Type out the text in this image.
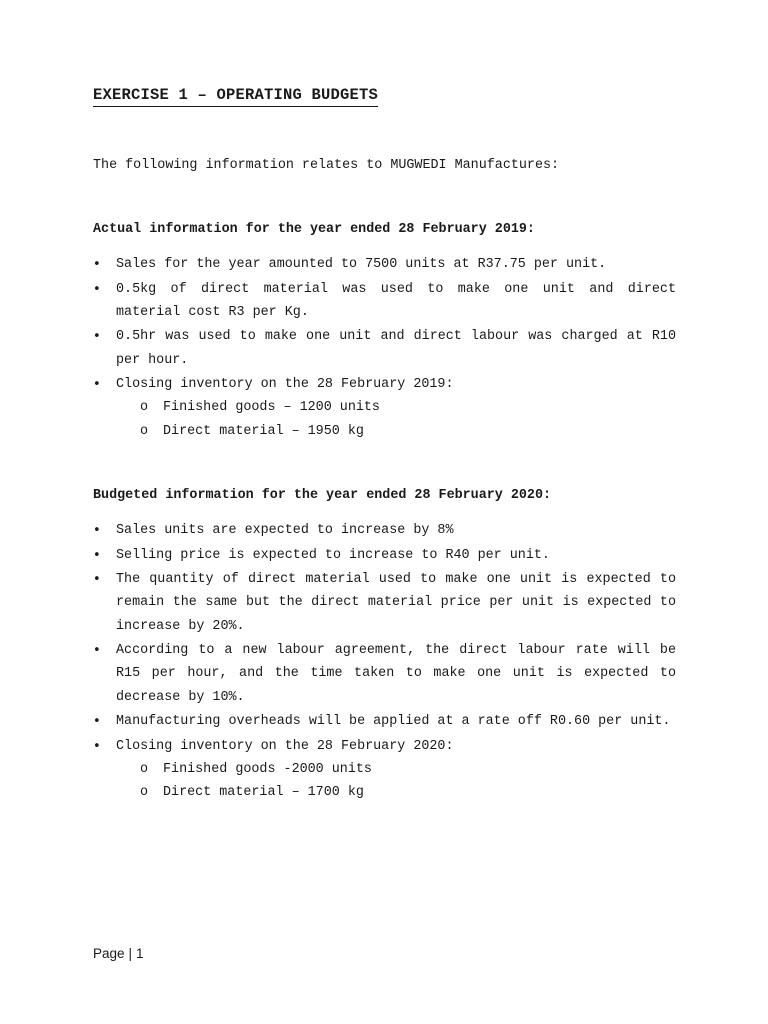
EXERCISE 1 – OPERATING BUDGETS
The following information relates to MUGWEDI Manufactures:
Actual information for the year ended 28 February 2019:
• Sales for the year amounted to 7500 units at R37.75 per unit.
• 0.5kg of direct material was used to make one unit and direct material cost R3 per Kg.
• 0.5hr was used to make one unit and direct labour was charged at R10 per hour.
• Closing inventory on the 28 February 2019:
o Finished goods – 1200 units
o Direct material – 1950 kg
Budgeted information for the year ended 28 February 2020:
• Sales units are expected to increase by 8%
• Selling price is expected to increase to R40 per unit.
• The quantity of direct material used to make one unit is expected to remain the same but the direct material price per unit is expected to increase by 20%.
• According to a new labour agreement, the direct labour rate will be R15 per hour, and the time taken to make one unit is expected to decrease by 10%.
• Manufacturing overheads will be applied at a rate off R0.60 per unit.
• Closing inventory on the 28 February 2020:
o Finished goods -2000 units
o Direct material – 1700 kg
Page | 1
